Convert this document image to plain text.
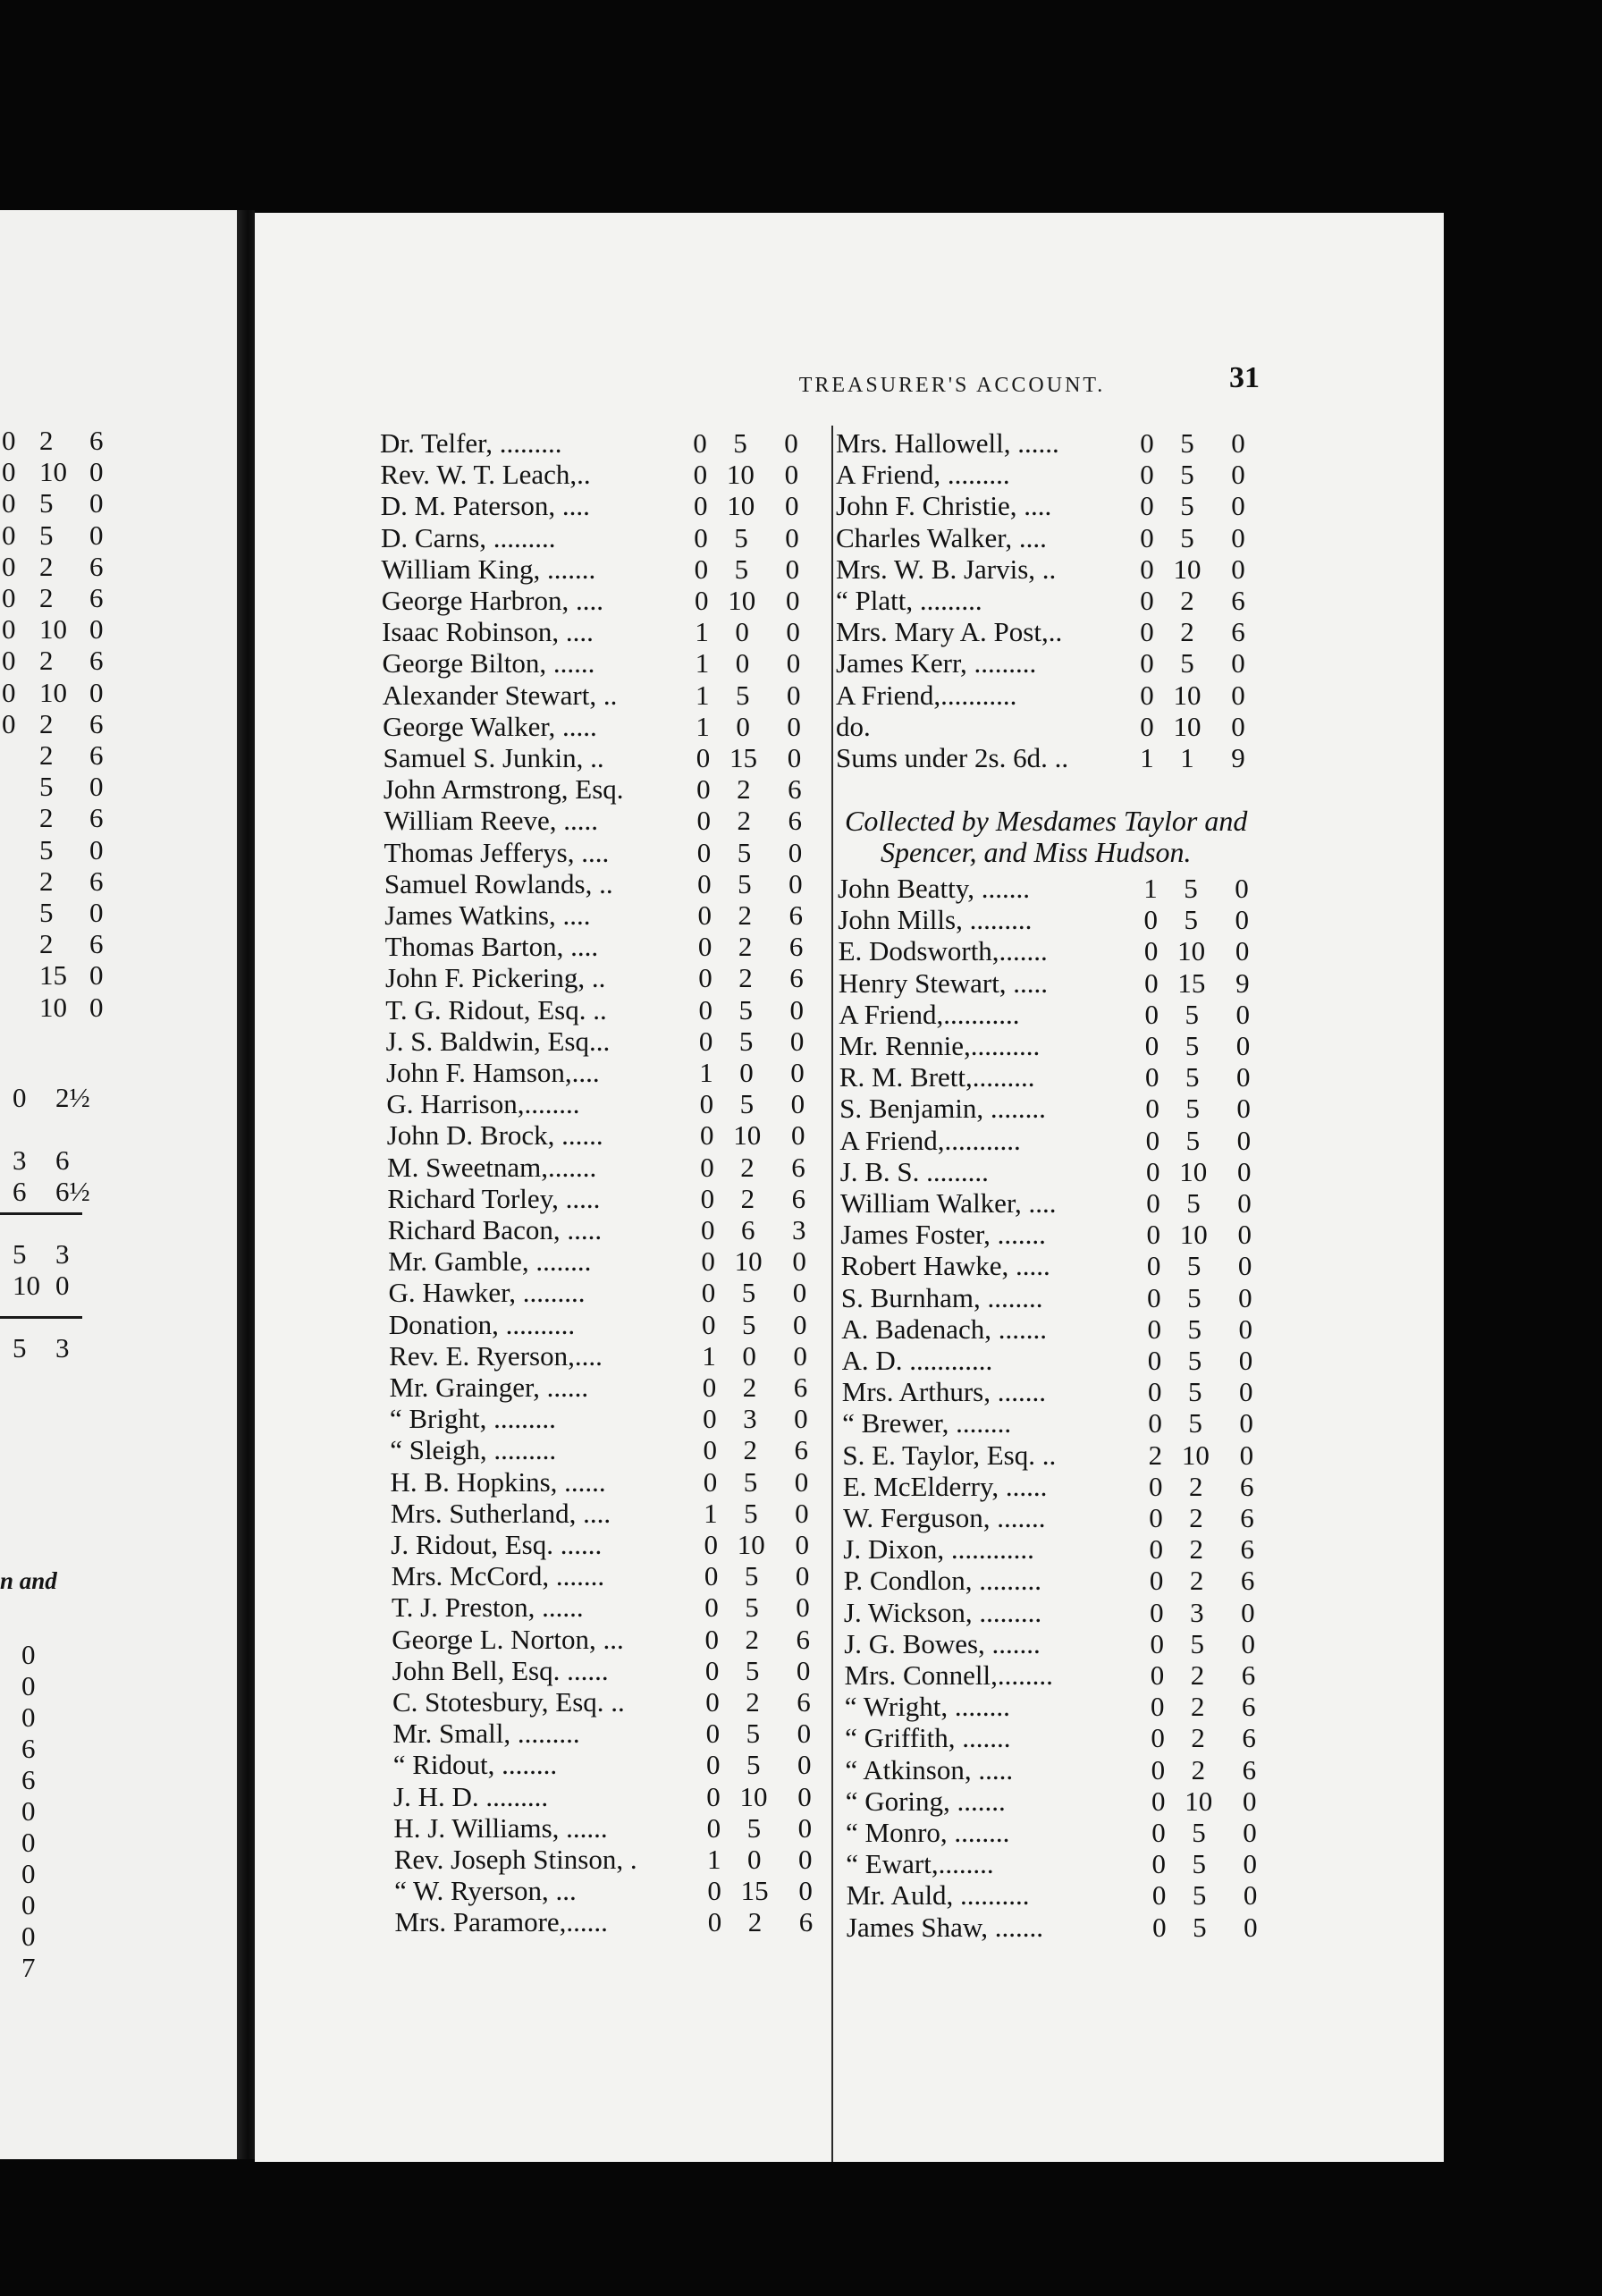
0 2 6
0 10 0
0 5 0
0 5 0
0 2 6
0 2 6
0 10 0
0 2 6
0 10 0
0 2 6
2 6
5 0
2 6
5 0
2 6
5 0
2 6
15 0
10 0
0 2½
3 6
6 6½
5 3
10 0
5 3
n and
0
0
0
6
6
0
0
0
0
0
7
TREASURER'S ACCOUNT.	31
Dr. Telfer, .........	0 5	0
Rev. W. T. Leach,..	0 10	0
D. M. Paterson, ....	0 10	0
D. Carns, .........	0 5	0
William King, .......	0 5	0
George Harbron, ....	0 10	0
Isaac Robinson, ....	1 0	0
George Bilton, ......	1 0	0
Alexander Stewart, ..	1 5	0
George Walker, .....	1 0	0
Samuel S. Junkin, ..	0 15	0
John Armstrong, Esq.	0 2	6
William Reeve, .....	0 2	6
Thomas Jefferys, ....	0 5	0
Samuel Rowlands, ..	0 5	0
James Watkins, ....	0 2	6
Thomas Barton, ....	0 2	6
John F. Pickering, ..	0 2	6
T. G. Ridout, Esq. ..	0 5	0
J. S. Baldwin, Esq...	0 5	0
John F. Hamson,....	1 0	0
G. Harrison,........	0 5	0
John D. Brock, ......	0 10	0
M. Sweetnam,.......	0 2	6
Richard Torley, .....	0 2	6
Richard Bacon, .....	0 6	3
Mr. Gamble, ........	0 10	0
G. Hawker, .........	0 5	0
Donation, ..........	0 5	0
Rev. E. Ryerson,....	1 0	0
Mr. Grainger, ......	0 2	6
“ Bright, .........	0 3	0
“ Sleigh, .........	0 2	6
H. B. Hopkins, ......	0 5	0
Mrs. Sutherland, ....	1 5	0
J. Ridout, Esq. ......	0 10	0
Mrs. McCord, .......	0 5	0
T. J. Preston, ......	0 5	0
George L. Norton, ...	0 2	6
John Bell, Esq. ......	0 5	0
C. Stotesbury, Esq. ..	0 2	6
Mr. Small, .........	0 5	0
“ Ridout, ........	0 5	0
J. H. D. .........	0 10	0
H. J. Williams, ......	0 5	0
Rev. Joseph Stinson, .	1 0	0
“ W. Ryerson, ...	0 15	0
Mrs. Paramore,......	0 2	6
Mrs. Hallowell, ......	0 5	0
A Friend, .........	0 5	0
John F. Christie, ....	0 5	0
Charles Walker, ....	0 5	0
Mrs. W. B. Jarvis, ..	0 10	0
“ Platt, .........	0 2	6
Mrs. Mary A. Post,..	0 2	6
James Kerr, .........	0 5	0
A Friend,...........	0 10	0
do.	0 10	0
Sums under 2s. 6d. ..	1 1	9
John Beatty, .......	1 5	0
John Mills, .........	0 5	0
E. Dodsworth,.......	0 10	0
Henry Stewart, .....	0 15	9
A Friend,...........	0 5	0
Mr. Rennie,..........	0 5	0
R. M. Brett,.........	0 5	0
S. Benjamin, ........	0 5	0
A Friend,...........	0 5	0
J. B. S. .........	0 10	0
William Walker, ....	0 5	0
James Foster, .......	0 10	0
Robert Hawke, .....	0 5	0
S. Burnham, ........	0 5	0
A. Badenach, .......	0 5	0
A. D. ............	0 5	0
Mrs. Arthurs, .......	0 5	0
“ Brewer, ........	0 5	0
S. E. Taylor, Esq. ..	2 10	0
E. McElderry, ......	0 2	6
W. Ferguson, .......	0 2	6
J. Dixon, ............	0 2	6
P. Condlon, .........	0 2	6
J. Wickson, .........	0 3	0
J. G. Bowes, .......	0 5	0
Mrs. Connell,........	0 2	6
“ Wright, ........	0 2	6
“ Griffith, .......	0 2	6
“ Atkinson, .....	0 2	6
“ Goring, .......	0 10	0
“ Monro, ........	0 5	0
“ Ewart,........	0 5	0
Mr. Auld, ..........	0 5	0
James Shaw, .......	0 5	0
Collected by Mesdames Taylor and
Spencer, and Miss Hudson.
